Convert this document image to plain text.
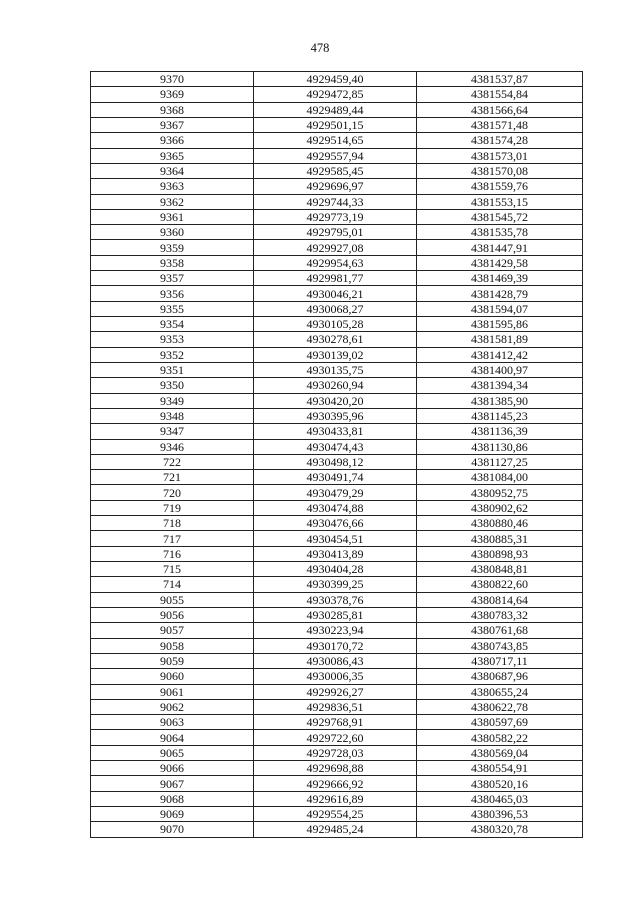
478
9370	4929459,40	4381537,87
9369	4929472,85	4381554,84
9368	4929489,44	4381566,64
9367	4929501,15	4381571,48
9366	4929514,65	4381574,28
9365	4929557,94	4381573,01
9364	4929585,45	4381570,08
9363	4929696,97	4381559,76
9362	4929744,33	4381553,15
9361	4929773,19	4381545,72
9360	4929795,01	4381535,78
9359	4929927,08	4381447,91
9358	4929954,63	4381429,58
9357	4929981,77	4381469,39
9356	4930046,21	4381428,79
9355	4930068,27	4381594,07
9354	4930105,28	4381595,86
9353	4930278,61	4381581,89
9352	4930139,02	4381412,42
9351	4930135,75	4381400,97
9350	4930260,94	4381394,34
9349	4930420,20	4381385,90
9348	4930395,96	4381145,23
9347	4930433,81	4381136,39
9346	4930474,43	4381130,86
722	4930498,12	4381127,25
721	4930491,74	4381084,00
720	4930479,29	4380952,75
719	4930474,88	4380902,62
718	4930476,66	4380880,46
717	4930454,51	4380885,31
716	4930413,89	4380898,93
715	4930404,28	4380848,81
714	4930399,25	4380822,60
9055	4930378,76	4380814,64
9056	4930285,81	4380783,32
9057	4930223,94	4380761,68
9058	4930170,72	4380743,85
9059	4930086,43	4380717,11
9060	4930006,35	4380687,96
9061	4929926,27	4380655,24
9062	4929836,51	4380622,78
9063	4929768,91	4380597,69
9064	4929722,60	4380582,22
9065	4929728,03	4380569,04
9066	4929698,88	4380554,91
9067	4929666,92	4380520,16
9068	4929616,89	4380465,03
9069	4929554,25	4380396,53
9070	4929485,24	4380320,78
